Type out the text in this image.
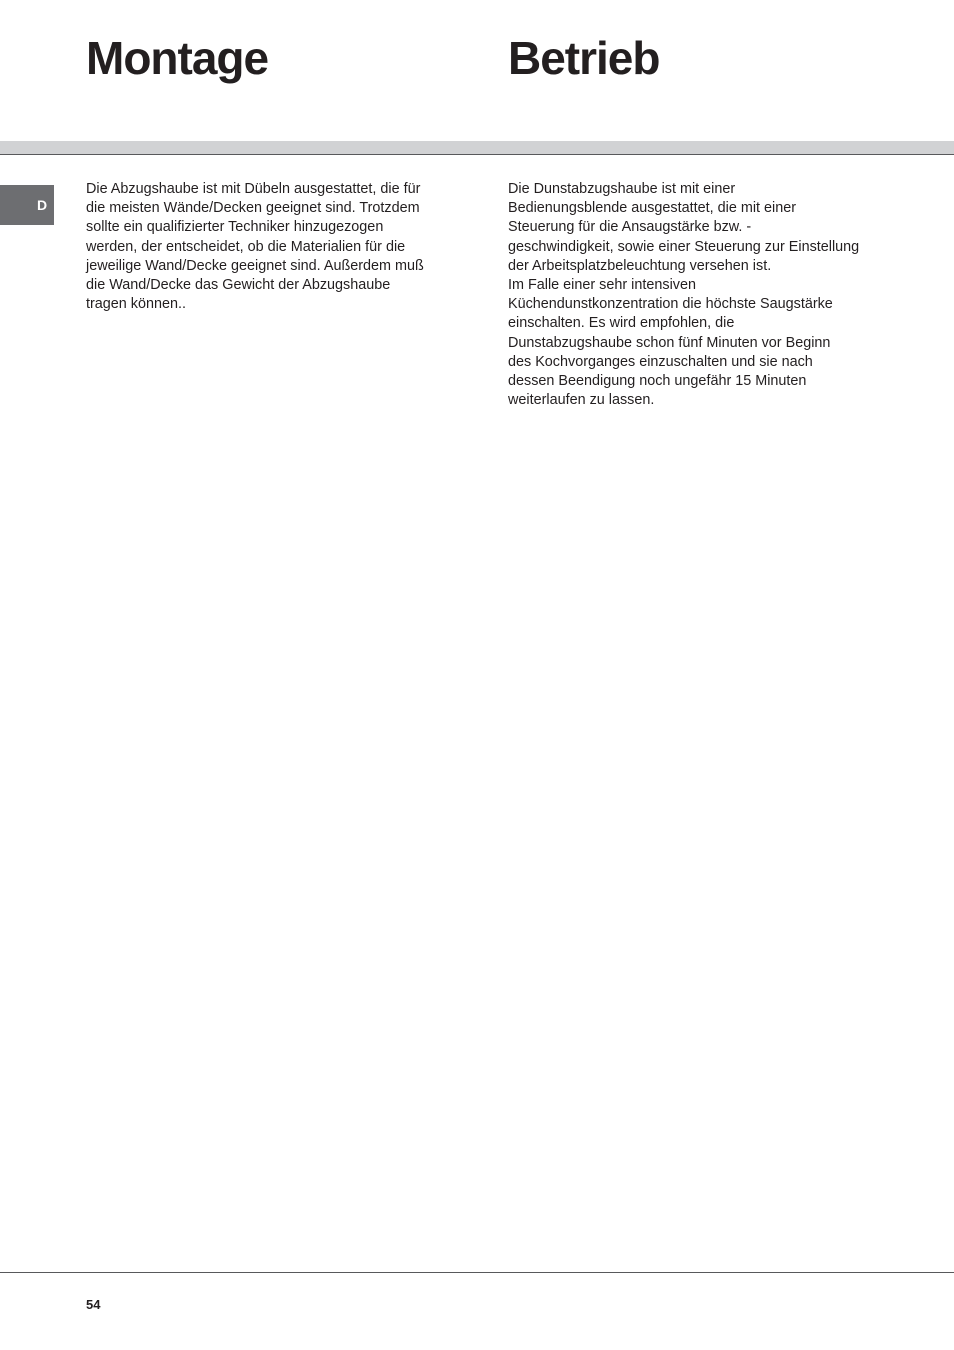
Montage	Betrieb
D

Die Abzugshaube ist mit Dübeln ausgestattet, die für

die meisten Wände/Decken geeignet sind. Trotzdem

sollte ein qualifizierter Techniker hinzugezogen

werden, der entscheidet, ob die Materialien für die

jeweilige Wand/Decke geeignet sind. Außerdem muß

die Wand/Decke das Gewicht der Abzugshaube

tragen können..

Die Dunstabzugshaube ist mit einer

Bedienungsblende ausgestattet, die mit einer

Steuerung für die Ansaugstärke bzw. -

geschwindigkeit, sowie einer Steuerung zur Einstellung

der Arbeitsplatzbeleuchtung versehen ist.

Im Falle einer sehr intensiven

Küchendunstkonzentration die höchste Saugstärke

einschalten. Es wird empfohlen, die

Dunstabzugshaube schon fünf Minuten vor Beginn

des Kochvorganges einzuschalten und sie nach

dessen Beendigung noch ungefähr 15 Minuten

weiterlaufen zu lassen.

54
